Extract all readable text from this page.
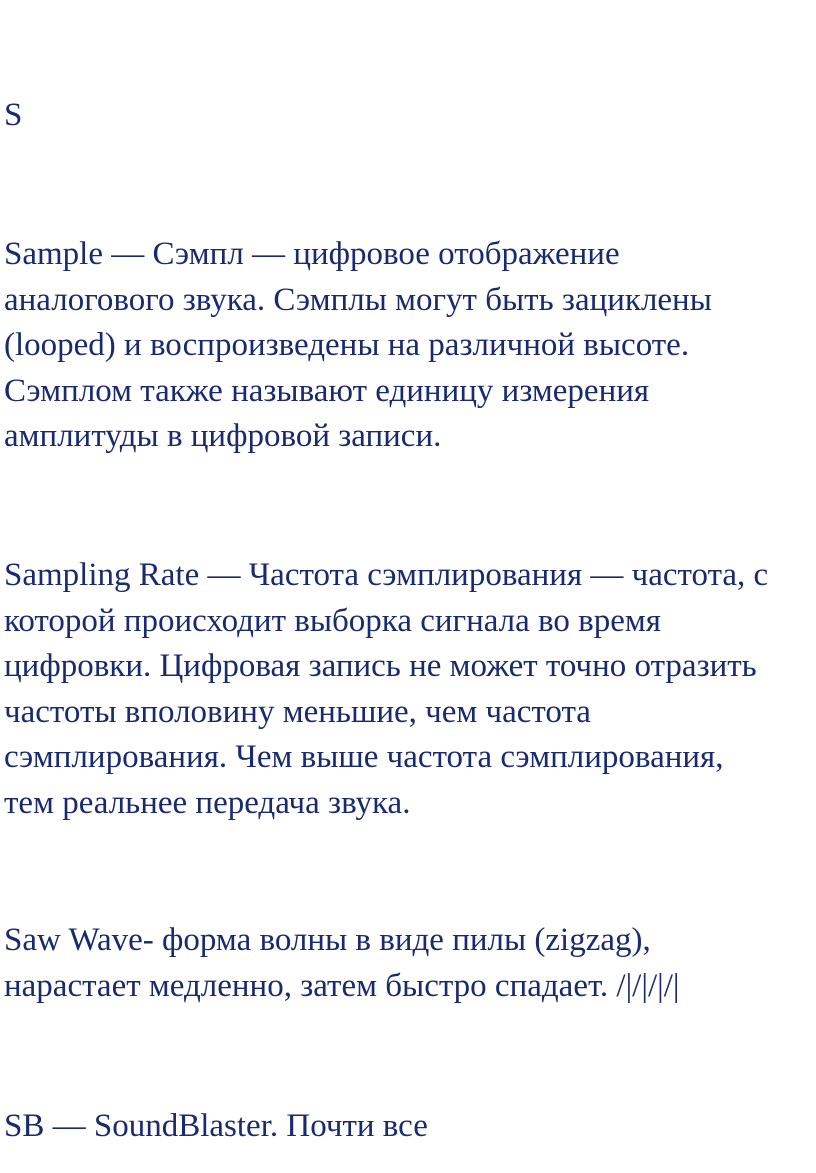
S

Sample — Сэмпл — цифровое отображение
аналогового звука. Сэмплы могут быть зациклены
(looped) и воспроизведены на различной высоте.
Сэмплом также называют единицу измерения
амплитуды в цифровой записи.

Sampling Rate — Частота сэмплирования — частота, с
которой происходит выборка сигнала во время
цифровки. Цифровая запись не может точно отразить
частоты вполовину меньшие, чем частота
сэмплирования. Чем выше частота сэмплирования,
тем реальнее передача звука.

Saw Wave- форма волны в виде пилы (zigzag),
нарастает медленно, затем быстро спадает. /|/|/|/|

SB — SoundBlaster. Почти все
